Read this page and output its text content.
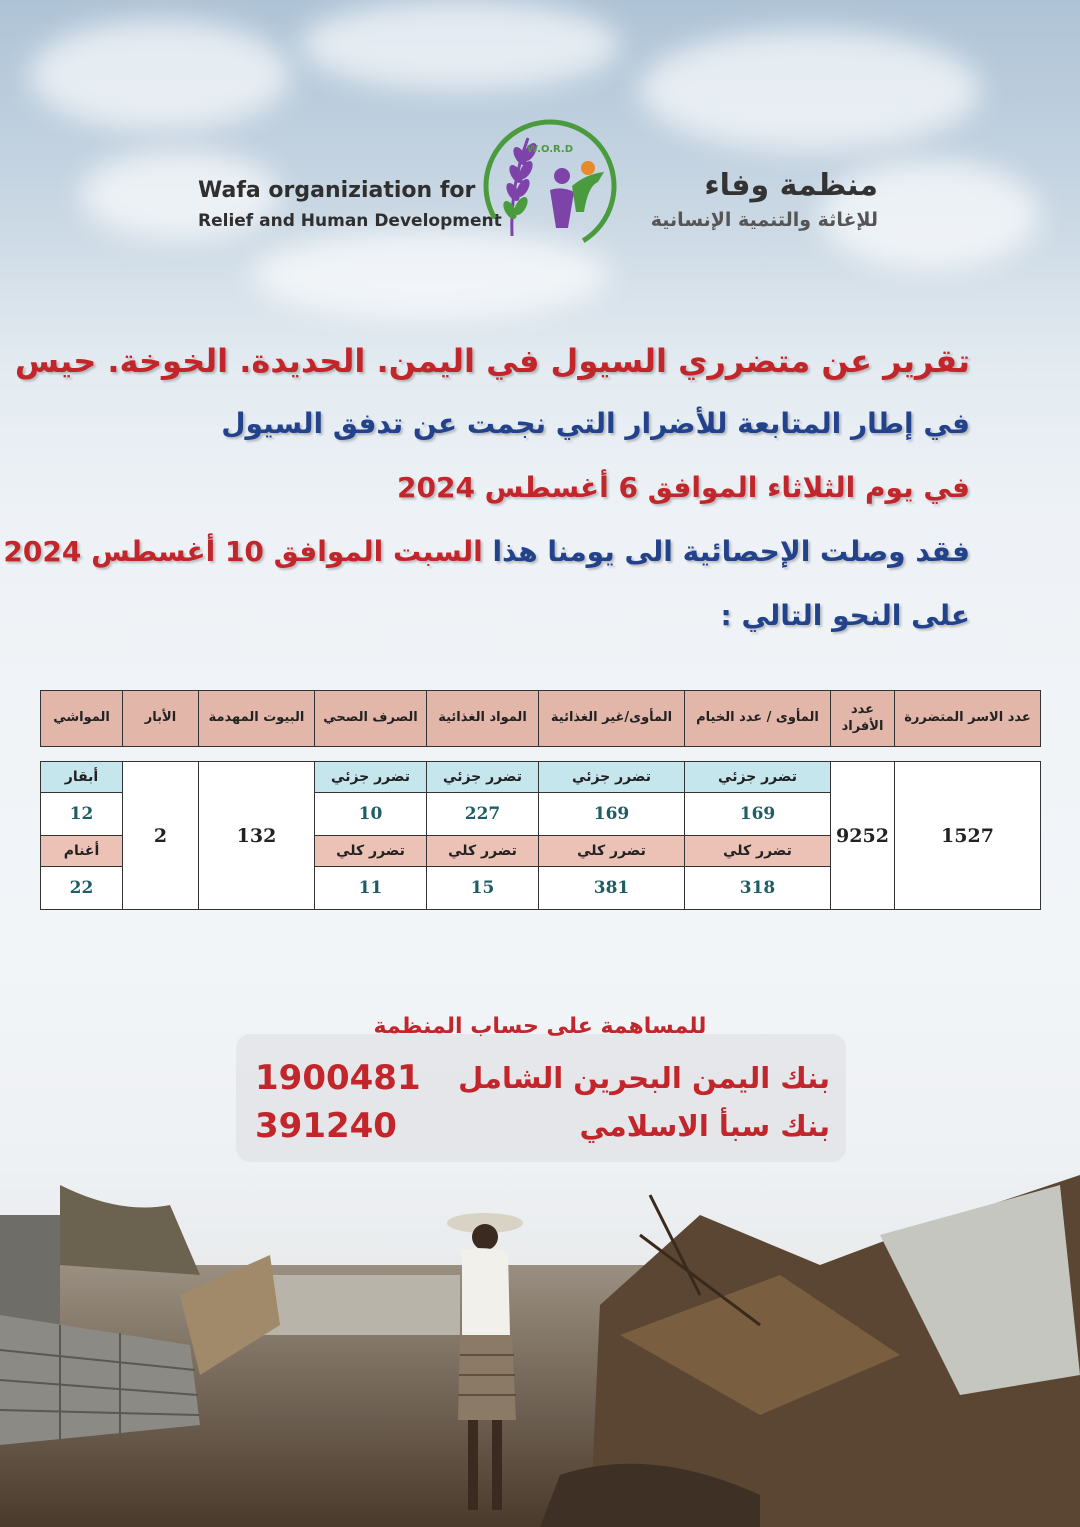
Wafa organiziation for
Relief and Human Development
W.O.R.D
منظمة وفاء
للإغاثة والتنمية الإنسانية
تقرير عن متضرري السيول في اليمن. الحديدة. الخوخة. حيس
في إطار المتابعة للأضرار التي نجمت عن تدفق السيول
في يوم الثلاثاء الموافق 6 أغسطس 2024
فقد وصلت الإحصائية الى يومنا هذا السبت الموافق 10 أغسطس 2024
على النحو التالي :
عدد الاسر المتضررة	عدد الأفراد	المأوى / عدد الخيام	المأوى/غير الغذائية	المواد الغذائية	الصرف الصحي	البيوت المهدمة	الأبار	المواشي
1527	9252	تضرر جزئي	تضرر جزئي	تضرر جزئي	تضرر جزئي	132	2	أبقار
		169	169	227	10			12
		تضرر كلي	تضرر كلي	تضرر كلي	تضرر كلي			أغنام
		318	381	15	11			22
للمساهمة على حساب المنظمة
بنك اليمن البحرين الشامل
1900481
بنك سبأ الاسلامي
391240
